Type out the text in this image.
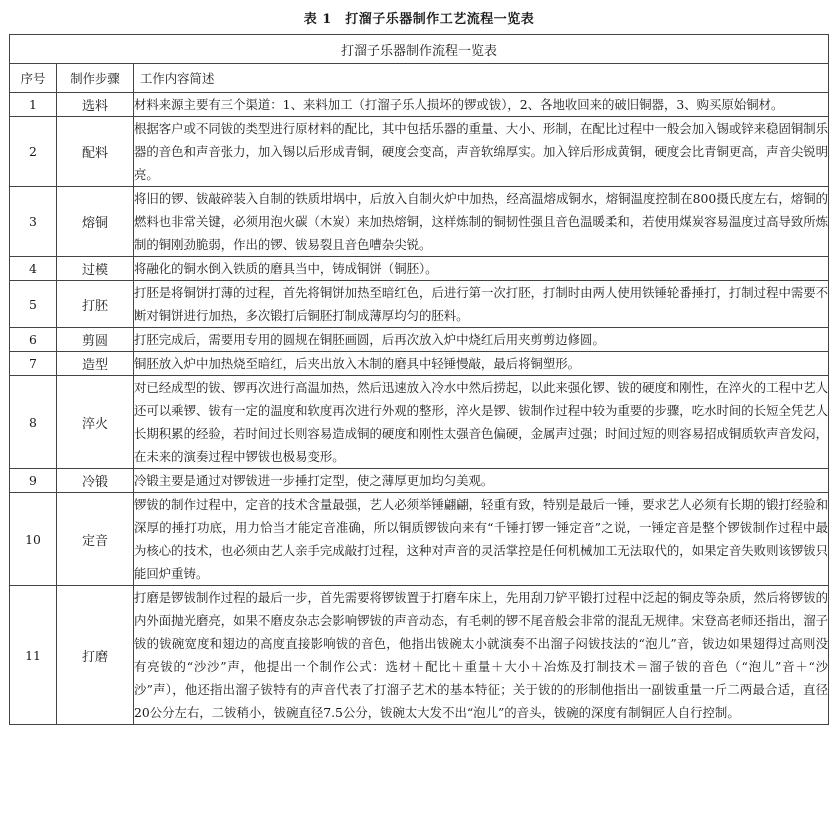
表 1　打溜子乐器制作工艺流程一览表
打溜子乐器制作流程一览表		
序号	制作步骤	工作内容简述
1	选料	材料来源主要有三个渠道：1、来料加工（打溜子乐人损坏的锣或钹），2、各地收回来的破旧铜器，3、购买原始铜材。
2	配料	根据客户或不同钹的类型进行原材料的配比，其中包括乐器的重量、大小、形制，在配比过程中一般会加入锡或锌来稳固铜制乐器的音色和声音张力，加入锡以后形成青铜，硬度会变高，声音软绵厚实。加入锌后形成黄铜，硬度会比青铜更高，声音尖锐明亮。
3	熔铜	将旧的锣、钹敲碎装入自制的铁质坩埚中，后放入自制火炉中加热，经高温熔成铜水，熔铜温度控制在800摄氏度左右，熔铜的燃料也非常关键，必须用泡火碳（木炭）来加热熔铜，这样炼制的铜韧性强且音色温暖柔和，若使用煤炭容易温度过高导致所炼制的铜刚劲脆弱，作出的锣、钹易裂且音色嘈杂尖锐。
4	过模	将融化的铜水倒入铁质的磨具当中，铸成铜饼（铜胚）。
5	打胚	打胚是将铜饼打薄的过程，首先将铜饼加热至暗红色，后进行第一次打胚，打制时由两人使用铁锤轮番捶打，打制过程中需要不断对铜饼进行加热，多次锻打后铜胚打制成薄厚均匀的胚料。
6	剪圆	打胚完成后，需要用专用的圆规在铜胚画圆，后再次放入炉中烧红后用夹剪剪边修圆。
7	造型	铜胚放入炉中加热烧至暗红，后夹出放入木制的磨具中轻锤慢敲，最后将铜塑形。
8	淬火	对已经成型的钹、锣再次进行高温加热，然后迅速放入冷水中然后捞起，以此来强化锣、钹的硬度和刚性，在淬火的工程中艺人还可以乘锣、钹有一定的温度和软度再次进行外观的整形，淬火是锣、钹制作过程中较为重要的步骤，吃水时间的长短全凭艺人长期积累的经验，若时间过长则容易造成铜的硬度和刚性太强音色偏硬，金属声过强；时间过短的则容易招成铜质软声音发闷，在未来的演奏过程中锣钹也极易变形。
9	冷锻	冷锻主要是通过对锣钹进一步捶打定型，使之薄厚更加均匀美观。
10	定音	锣钹的制作过程中，定音的技术含量最强，艺人必须举锤翩翩，轻重有致，特别是最后一锤，要求艺人必须有长期的锻打经验和深厚的捶打功底，用力恰当才能定音准确，所以铜质锣钹向来有“千锤打锣一锤定音”之说，一锤定音是整个锣钹制作过程中最为核心的技术，也必须由艺人亲手完成敲打过程，这种对声音的灵活掌控是任何机械加工无法取代的，如果定音失败则该锣钹只能回炉重铸。
11	打磨	打磨是锣钹制作过程的最后一步，首先需要将锣钹置于打磨车床上，先用刮刀铲平锻打过程中泛起的铜皮等杂质，然后将锣钹的内外面抛光磨亮，如果不磨皮杂志会影响锣钹的声音动态，有毛刺的锣不尾音般会非常的混乱无规律。宋登高老师还指出，溜子钹的钹碗宽度和翅边的高度直接影响钹的音色，他指出钹碗太小就演奏不出溜子闷钹技法的“泡儿”音，钹边如果翅得过高则没有亮钹的“沙沙”声，他提出一个制作公式：选材＋配比＋重量＋大小＋冶炼及打制技术＝溜子钹的音色（“泡儿”音＋“沙沙”声），他还指出溜子钹特有的声音代表了打溜子艺术的基本特征；关于钹的的形制他指出一副钹重量一斤二两最合适，直径20公分左右，二钹稍小，钹碗直径7.5公分，钹碗太大发不出“泡儿”的音头，钹碗的深度有制铜匠人自行控制。
